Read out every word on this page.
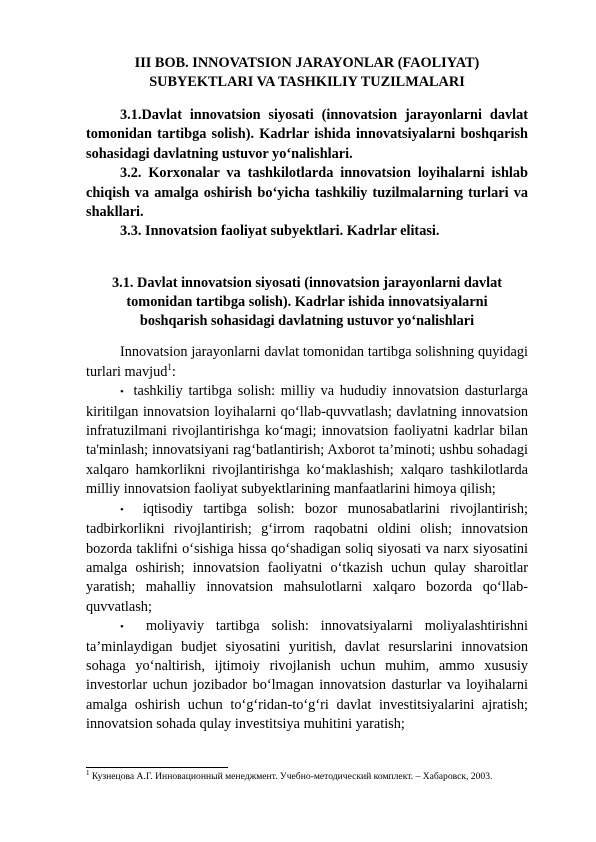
III BOB. INNOVATSION JARAYONLAR (FAOLIYAT)
SUBYEKTLARI VA TASHKILIY TUZILMALARI

3.1.Davlat innovatsion siyosati (innovatsion jarayonlarni davlat tomonidan tartibga solish). Kadrlar ishida innovatsiyalarni boshqarish sohasidagi davlatning ustuvor yo‘nalishlari.

3.2. Korxonalar va tashkilotlarda innovatsion loyihalarni ishlab chiqish va amalga oshirish bo‘yicha tashkiliy tuzilmalarning turlari va shakllari.

3.3. Innovatsion faoliyat subyektlari. Kadrlar elitasi.

3.1. Davlat innovatsion siyosati (innovatsion jarayonlarni davlat

tomonidan tartibga solish). Kadrlar ishida innovatsiyalarni

boshqarish sohasidagi davlatning ustuvor yo‘nalishlari

Innovatsion jarayonlarni davlat tomonidan tartibga solishning quyidagi turlari mavjud$^1$:

•  tashkiliy tartibga solish: milliy va hududiy innovatsion dasturlarga kiritilgan innovatsion loyihalarni qo‘llab-quvvatlash; davlatning innovatsion infratuzilmani rivojlantirishga ko‘magi; innovatsion faoliyatni kadrlar bilan ta'minlash; innovatsiyani rag‘batlantirish; Axborot ta’minoti; ushbu sohadagi xalqaro hamkorlikni rivojlantirishga ko‘maklashish; xalqaro tashkilotlarda milliy innovatsion faoliyat subyektlarining manfaatlarini himoya qilish;

•  iqtisodiy tartibga solish: bozor munosabatlarini rivojlantirish; tadbirkorlikni rivojlantirish; g‘irrom raqobatni oldini olish; innovatsion bozorda taklifni o‘sishiga hissa qo‘shadigan soliq siyosati va narx siyosatini amalga oshirish; innovatsion faoliyatni o‘tkazish uchun qulay sharoitlar yaratish; mahalliy innovatsion mahsulotlarni xalqaro bozorda qo‘llab-quvvatlash;

•  moliyaviy tartibga solish: innovatsiyalarni moliyalashtirishni ta’minlaydigan budjet siyosatini yuritish, davlat resurslarini innovatsion sohaga yo‘naltirish, ijtimoiy rivojlanish uchun muhim, ammo xususiy investorlar uchun jozibador bo‘lmagan innovatsion dasturlar va loyihalarni amalga oshirish uchun to‘g‘ridan-to‘g‘ri davlat investitsiyalarini ajratish; innovatsion sohada qulay investitsiya muhitini yaratish;

$^1$ Кузнецова А.Г. Инновационный менеджмент. Учебно-методический комплект. – Хабаровск, 2003.
